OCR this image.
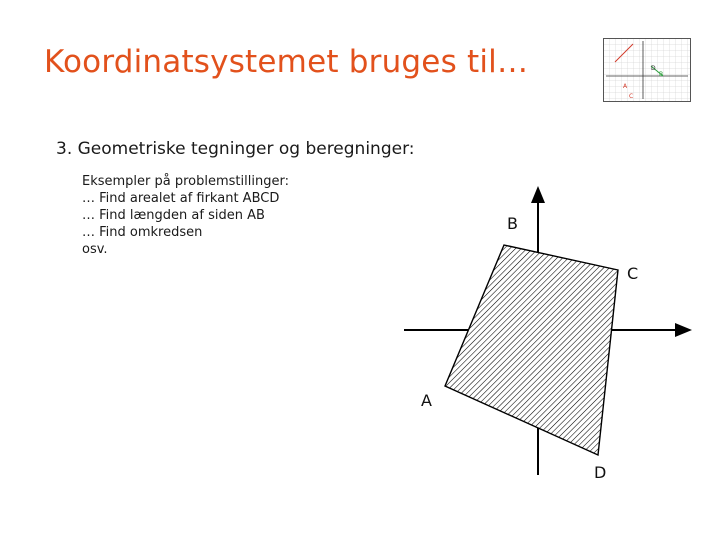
Koordinatsystemet bruges til…
A
B
C
D
3. Geometriske tegninger og beregninger:
Eksempler på problemstillinger:
… Find arealet af firkant ABCD
… Find længden af siden AB
… Find omkredsen
osv.
B
C
A
D
